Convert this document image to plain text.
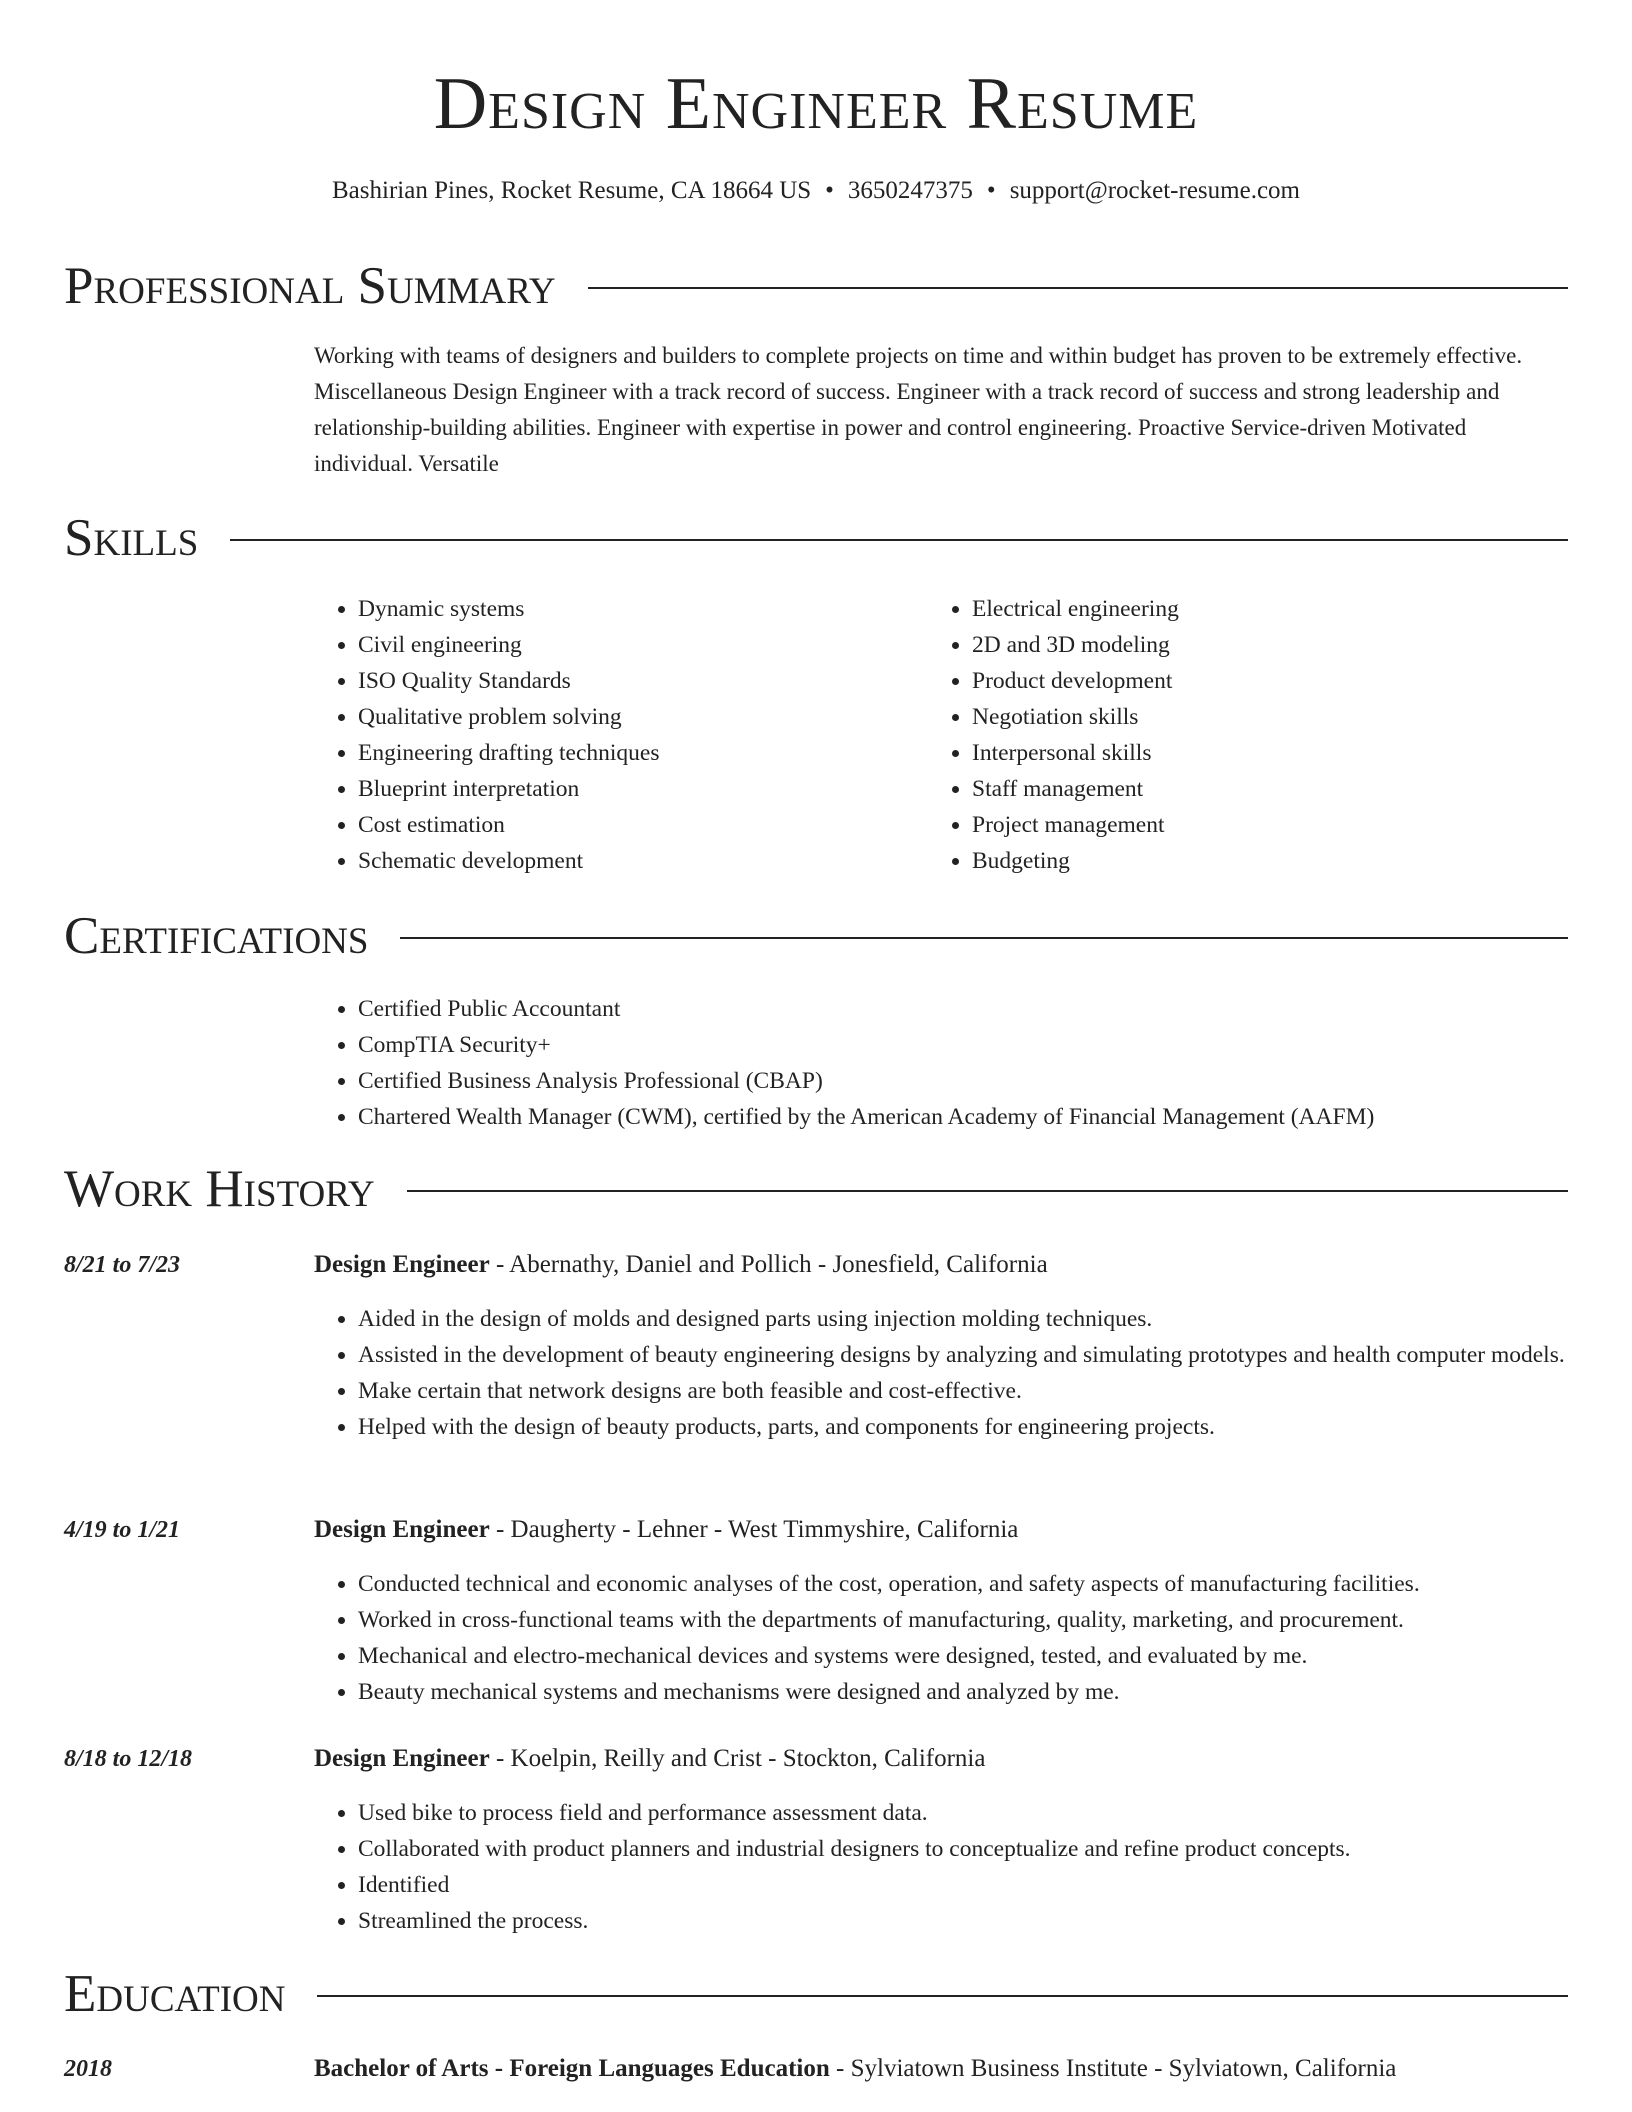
Design Engineer Resume
Bashirian Pines, Rocket Resume, CA 18664 US • 3650247375 • support@rocket-resume.com
Professional Summary
Working with teams of designers and builders to complete projects on time and within budget has proven to be extremely effective. Miscellaneous Design Engineer with a track record of success. Engineer with a track record of success and strong leadership and relationship-building abilities. Engineer with expertise in power and control engineering. Proactive Service-driven Motivated individual. Versatile
Skills
• Dynamic systems
• Civil engineering
• ISO Quality Standards
• Qualitative problem solving
• Engineering drafting techniques
• Blueprint interpretation
• Cost estimation
• Schematic development
• Electrical engineering
• 2D and 3D modeling
• Product development
• Negotiation skills
• Interpersonal skills
• Staff management
• Project management
• Budgeting
Certifications
• Certified Public Accountant
• CompTIA Security+
• Certified Business Analysis Professional (CBAP)
• Chartered Wealth Manager (CWM), certified by the American Academy of Financial Management (AAFM)
Work History
8/21 to 7/23	Design Engineer - Abernathy, Daniel and Pollich - Jonesfield, California
• Aided in the design of molds and designed parts using injection molding techniques.
• Assisted in the development of beauty engineering designs by analyzing and simulating prototypes and health computer models.
• Make certain that network designs are both feasible and cost-effective.
• Helped with the design of beauty products, parts, and components for engineering projects.
4/19 to 1/21	Design Engineer - Daugherty - Lehner - West Timmyshire, California
• Conducted technical and economic analyses of the cost, operation, and safety aspects of manufacturing facilities.
• Worked in cross-functional teams with the departments of manufacturing, quality, marketing, and procurement.
• Mechanical and electro-mechanical devices and systems were designed, tested, and evaluated by me.
• Beauty mechanical systems and mechanisms were designed and analyzed by me.
8/18 to 12/18	Design Engineer - Koelpin, Reilly and Crist - Stockton, California
• Used bike to process field and performance assessment data.
• Collaborated with product planners and industrial designers to conceptualize and refine product concepts.
• Identified
• Streamlined the process.
Education
2018	Bachelor of Arts - Foreign Languages Education - Sylviatown Business Institute - Sylviatown, California
